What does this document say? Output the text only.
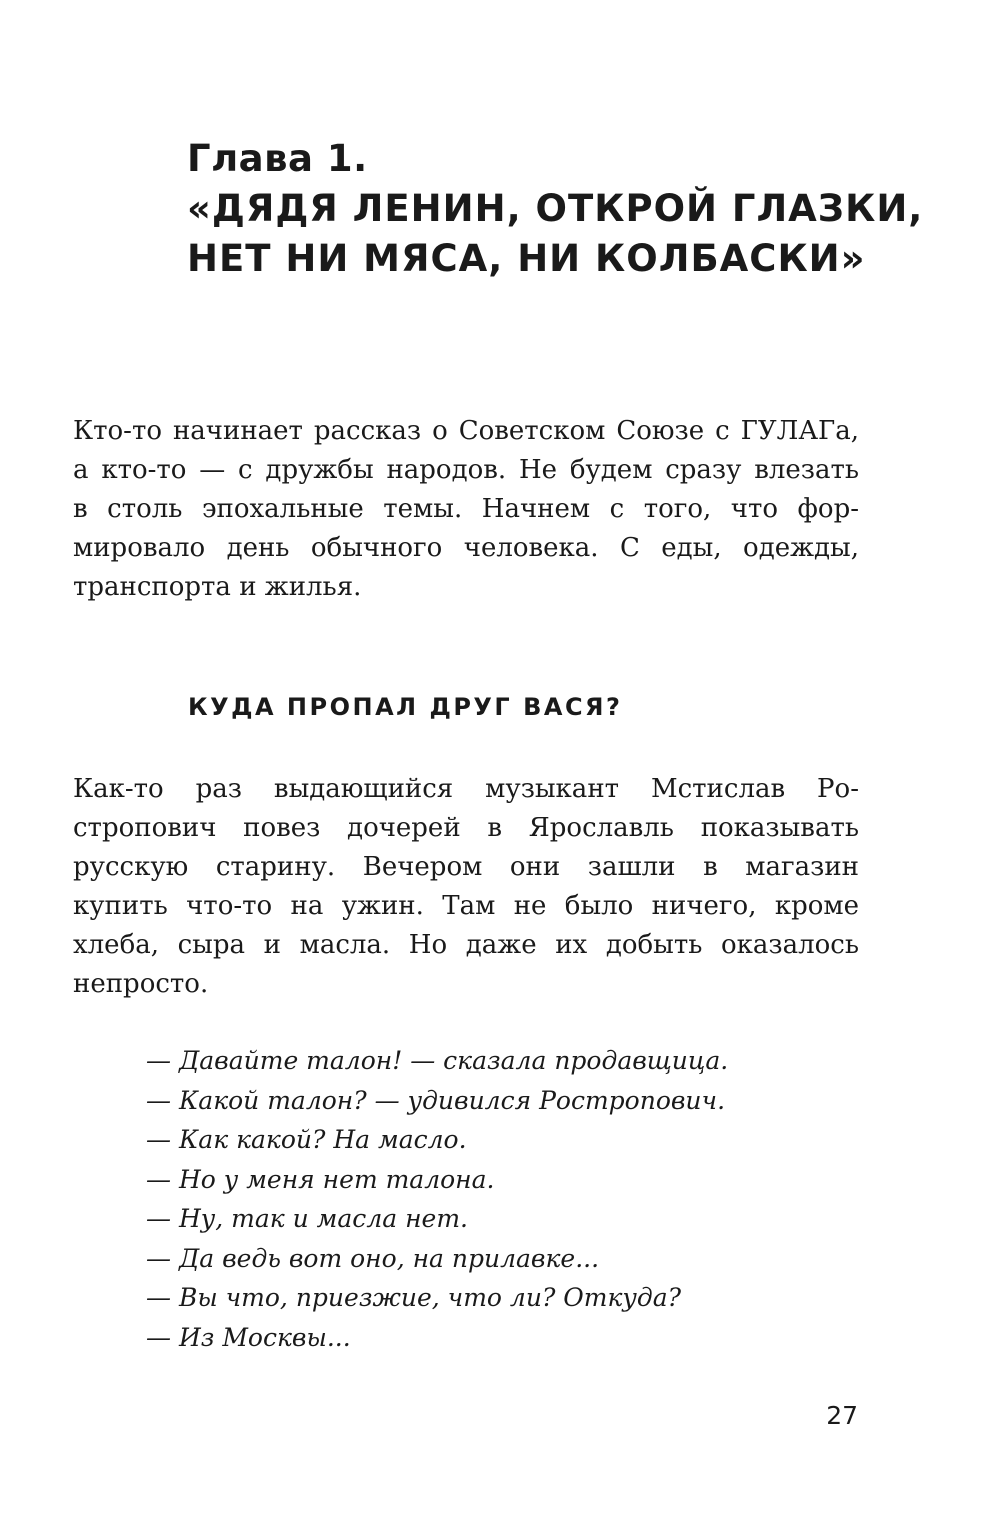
Глава 1.
«ДЯДЯ ЛЕНИН, ОТКРОЙ ГЛАЗКИ,
НЕТ НИ МЯСА, НИ КОЛБАСКИ»
Кто-то начинает рассказ о Советском Союзе с ГУЛАГа,
а кто-то — с дружбы народов. Не будем сразу влезать
в столь эпохальные темы. Начнем с того, что фор-
мировало день обычного человека. С еды, одежды,
транспорта и жилья.
КУДА ПРОПАЛ ДРУГ ВАСЯ?
Как-то раз выдающийся музыкант Мстислав Ро-
стропович повез дочерей в Ярославль показывать
русскую старину. Вечером они зашли в магазин
купить что-то на ужин. Там не было ничего, кроме
хлеба, сыра и масла. Но даже их добыть оказалось
непросто.
— Давайте талон! — сказала продавщица.
— Какой талон? — удивился Ростропович.
— Как какой? На масло.
— Но у меня нет талона.
— Ну, так и масла нет.
— Да ведь вот оно, на прилавке...
— Вы что, приезжие, что ли? Откуда?
— Из Москвы...
27
